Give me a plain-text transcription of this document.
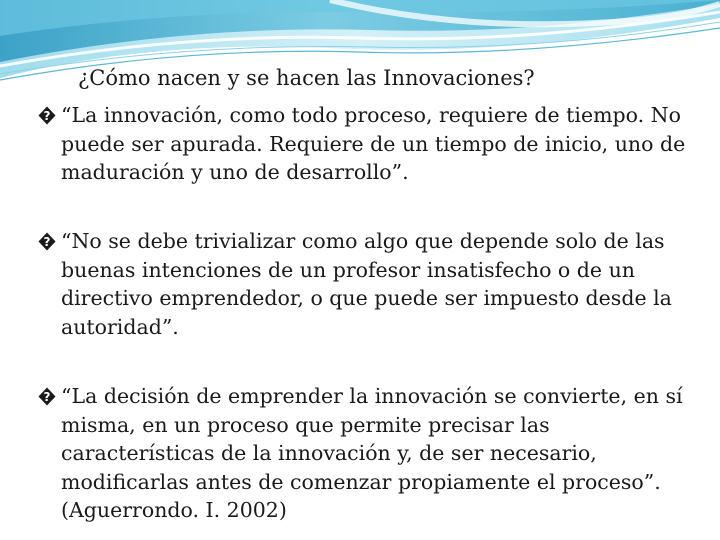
¿Cómo nacen y se hacen las Innovaciones?
? “La innovación, como todo proceso, requiere de tiempo. No
puede ser apurada. Requiere de un tiempo de inicio, uno de
maduración y uno de desarrollo”.
? “No se debe trivializar como algo que depende solo de las
buenas intenciones de un profesor insatisfecho o de un
directivo emprendedor, o que puede ser impuesto desde la
autoridad”.
? “La decisión de emprender la innovación se convierte, en sí
misma, en un proceso que permite precisar las
características de la innovación y, de ser necesario,
modificarlas antes de comenzar propiamente el proceso”.
(Aguerrondo. I. 2002)
